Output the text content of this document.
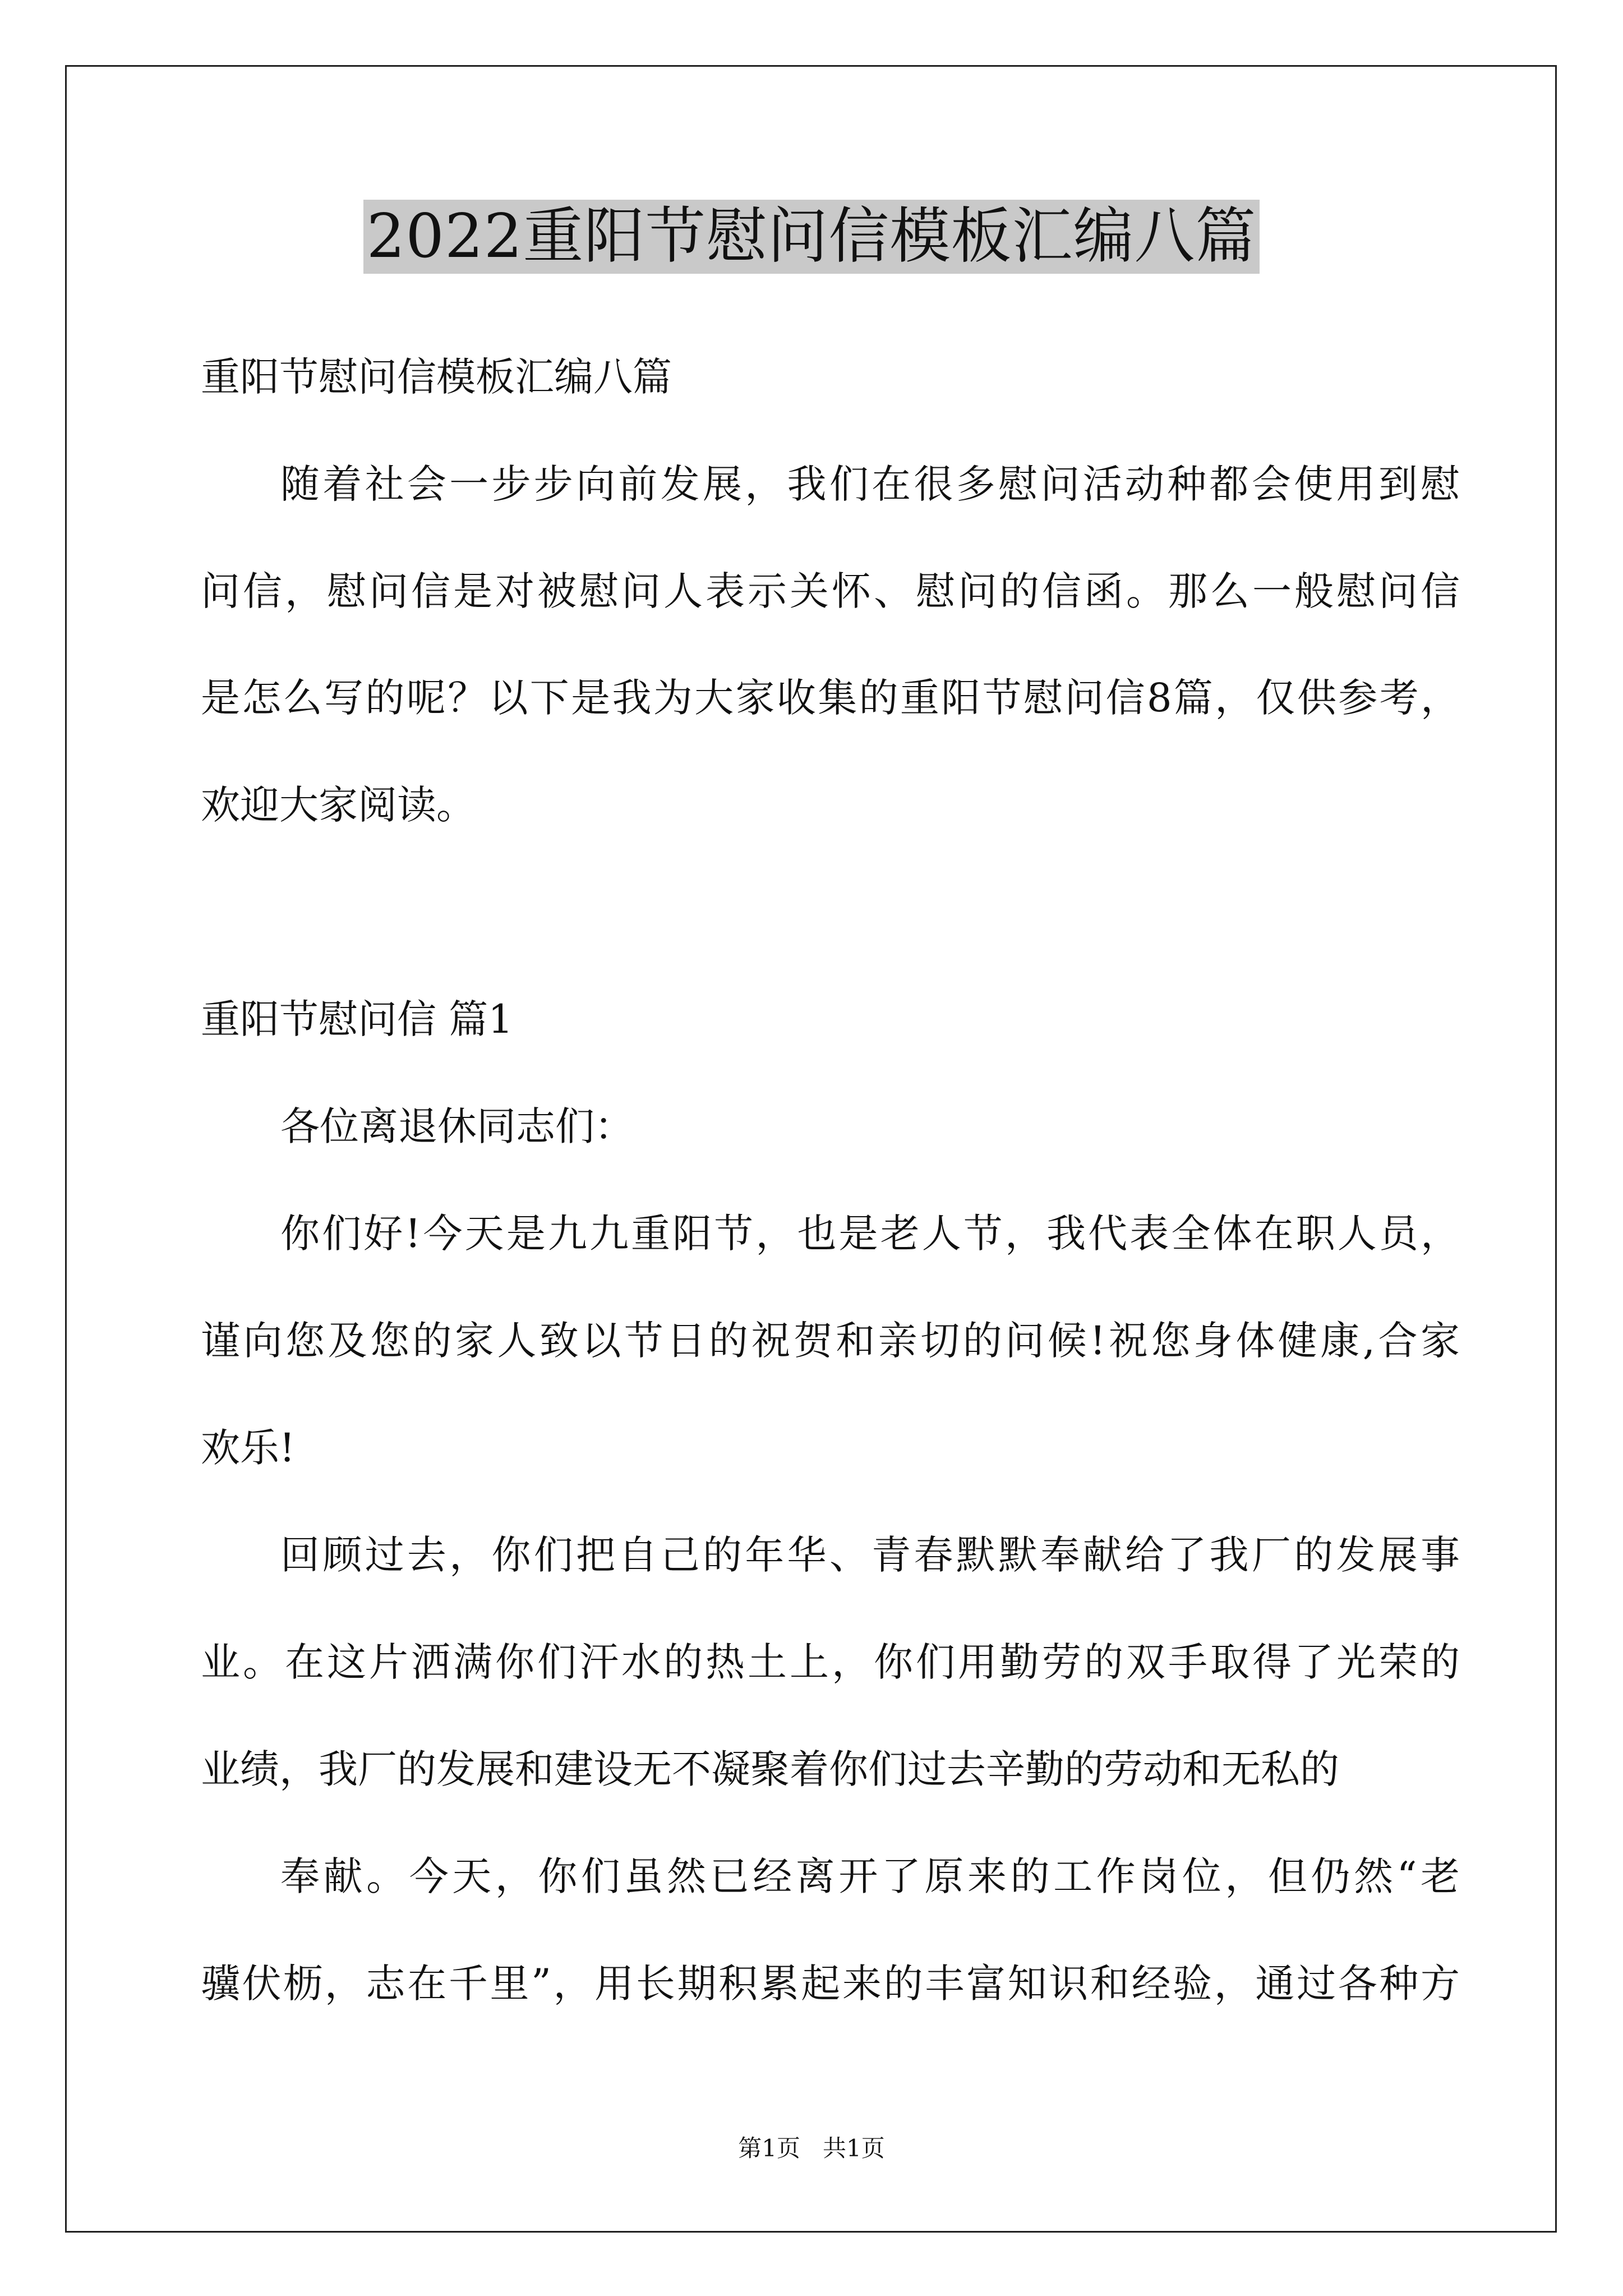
2022重阳节慰问信模板汇编八篇
重阳节慰问信模板汇编八篇
随着社会一步步向前发展，我们在很多慰问活动种都会使用到慰
问信，慰问信是对被慰问人表示关怀、慰问的信函。那么一般慰问信
是怎么写的呢？以下是我为大家收集的重阳节慰问信8篇，仅供参考，
欢迎大家阅读。
重阳节慰问信 篇1
各位离退休同志们：
你们好!今天是九九重阳节，也是老人节，我代表全体在职人员，
谨向您及您的家人致以节日的祝贺和亲切的问候!祝您身体健康,合家
欢乐!
回顾过去，你们把自己的年华、青春默默奉献给了我厂的发展事
业。在这片洒满你们汗水的热土上，你们用勤劳的双手取得了光荣的
业绩，我厂的发展和建设无不凝聚着你们过去辛勤的劳动和无私的
奉献。今天，你们虽然已经离开了原来的工作岗位，但仍然“老
骥伏枥，志在千里”，用长期积累起来的丰富知识和经验，通过各种方
第1页   共1页
